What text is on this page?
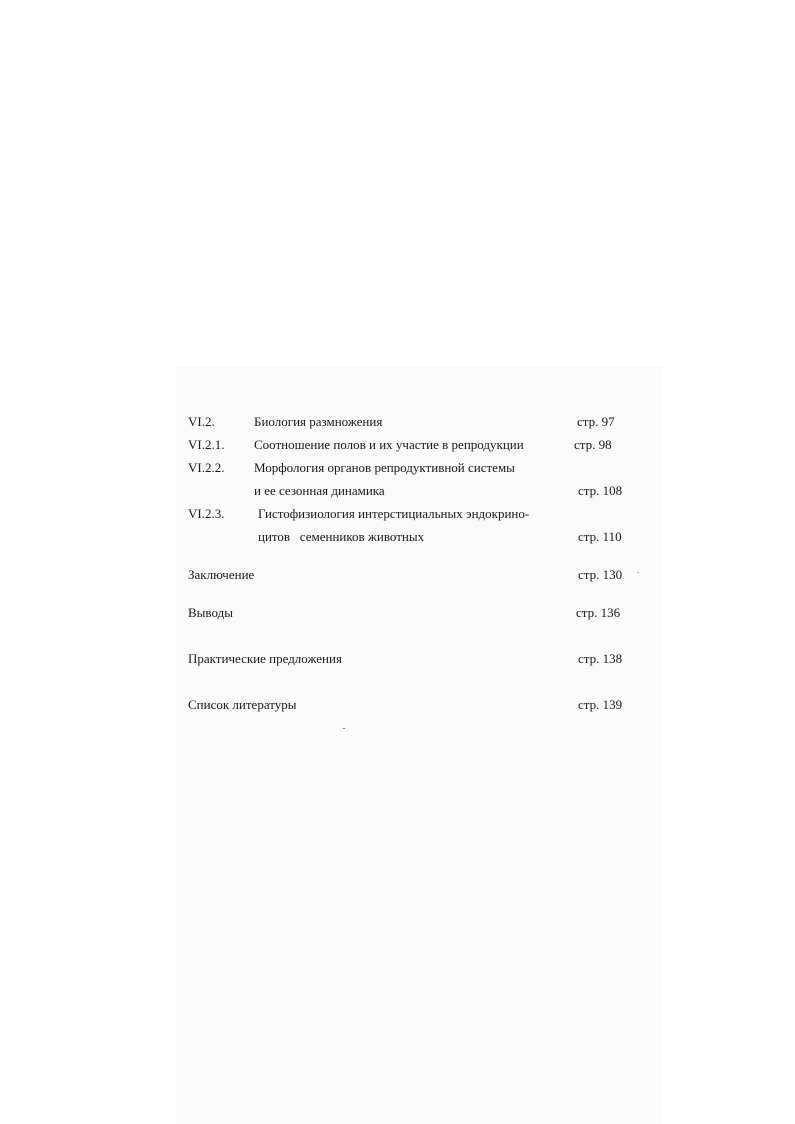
VI.2.	Биология размножения	стр. 97
VI.2.1. Соотношение полов и их участие в репродукции	стр. 98
VI.2.2. Морфология органов репродуктивной системы
и ее сезонная динамика	стр. 108
VI.2.3.	Гистофизиология интерстициальных эндокрино-
цитов   семенников животных	стр. 110
Заключение	стр. 130
Выводы	стр. 136
Практические предложения	стр. 138
Список литературы	стр. 139
